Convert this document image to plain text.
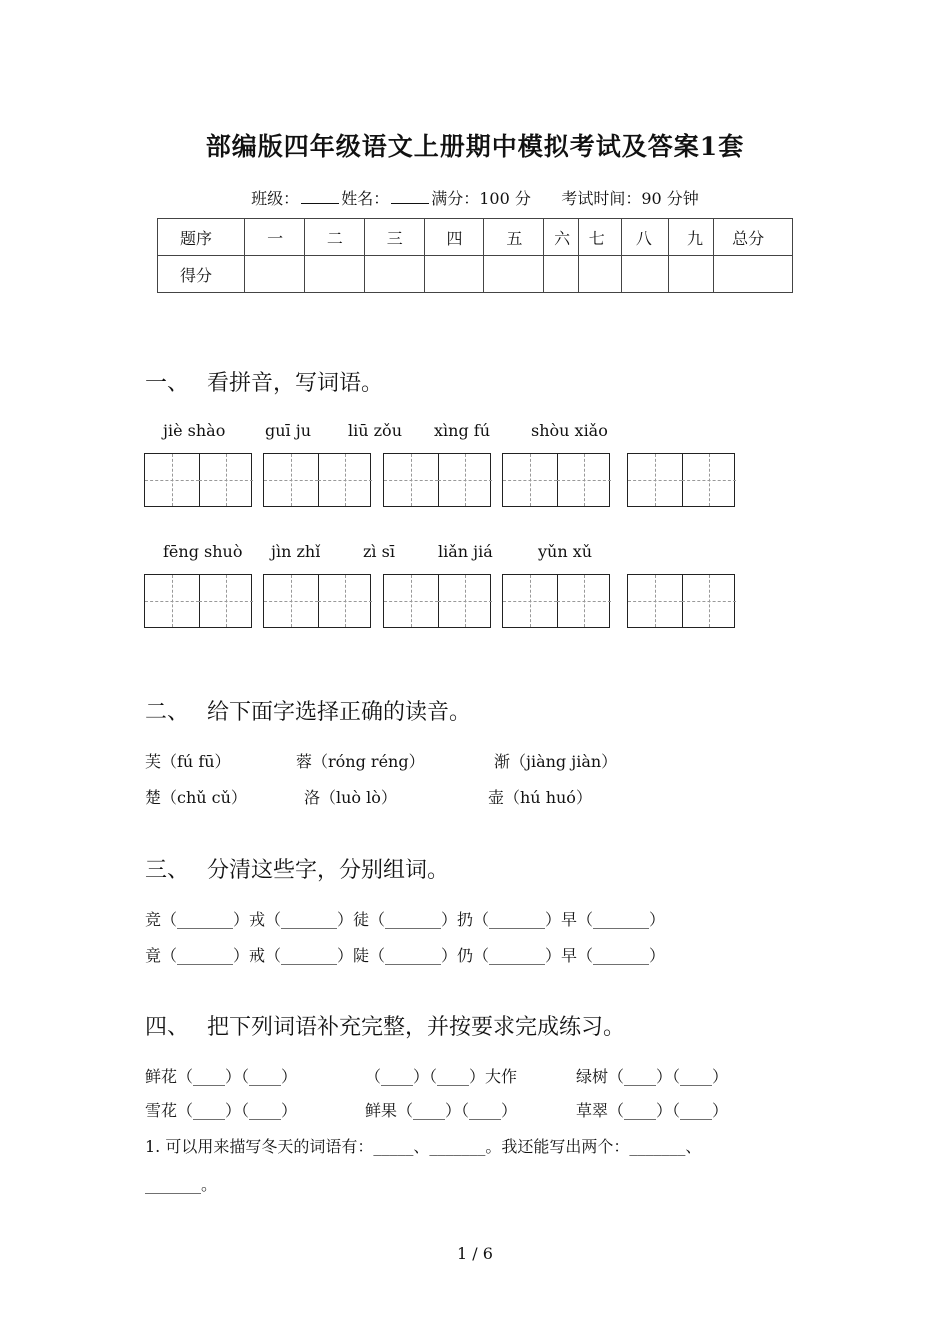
部编版四年级语文上册期中模拟考试及答案1套
班级：	姓名：	满分：100 分 考试时间：90 分钟
题序	一	二	三	四	五	六	七	八	九	总分
得分										
一、 看拼音，写词语。
jiè shào guī ju liū zǒu xìng fú	shòu xiǎo
fēng shuò jìn zhǐ	zì sī	liǎn jiá	yǔn xǔ
二、 给下面字选择正确的读音。
芙（fú fū）	蓉（róng réng）	渐（jiàng jiàn）
楚（chǔ cǔ）	洛（luò lò）	壶（hú huó）
三、 分清这些字，分别组词。
竞（_______）戎（_______）徒（_______）扔（_______）早（_______）
竟（_______）戒（_______）陡（_______）仍（_______）早（_______）
四、 把下列词语补充完整，并按要求完成练习。
鲜花（____）（____）	（____）（____）大作	绿树（____）（____）
雪花（____）（____）	鲜果（____）（____）	草翠（____）（____）
1. 可以用来描写冬天的词语有：_____、_______。我还能写出两个：_______、
_______。
1 / 6
